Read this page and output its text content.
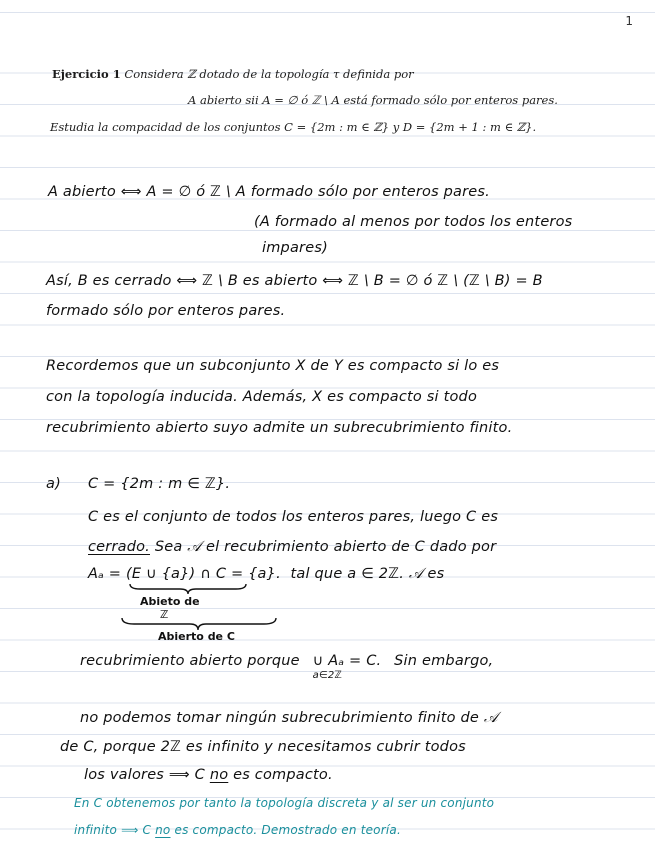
1
Ejercicio 1 Considera ℤ dotado de la topología τ definida por
A abierto sii A = ∅ ó ℤ \ A está formado sólo por enteros pares.
Estudia la compacidad de los conjuntos C = {2m : m ∈ ℤ} y D = {2m + 1 : m ∈ ℤ}.
A abierto ⟺ A = ∅ ó ℤ \ A formado sólo por enteros pares.
(A formado al menos por todos los enteros
impares)
Así, B es cerrado ⟺ ℤ \ B es abierto ⟺ ℤ \ B = ∅ ó ℤ \ (ℤ \ B) = B
formado sólo por enteros pares.
Recordemos que un subconjunto X de Y es compacto si lo es
con la topología inducida. Además, X es compacto si todo
recubrimiento abierto suyo admite un subrecubrimiento finito.
a) C = {2m : m ∈ ℤ}.
C es el conjunto de todos los enteros pares, luego C es
cerrado. Sea 𝒜 el recubrimiento abierto de C dado por
Aₐ = (E ∪ {a}) ∩ C = {a}. tal que a ∈ 2ℤ. 𝒜 es
Abieto de
ℤ
Abierto de C
recubrimiento abierto porque ∪ Aₐ = C.
a∈2ℤ
Sin embargo,
no podemos tomar ningún subrecubrimiento finito de 𝒜
de C, porque 2ℤ es infinito y necesitamos cubrir todos
los valores ⟹ C no es compacto.
En C obtenemos por tanto la topología discreta y al ser un conjunto
infinito ⟹ C no es compacto. Demostrado en teoría.
